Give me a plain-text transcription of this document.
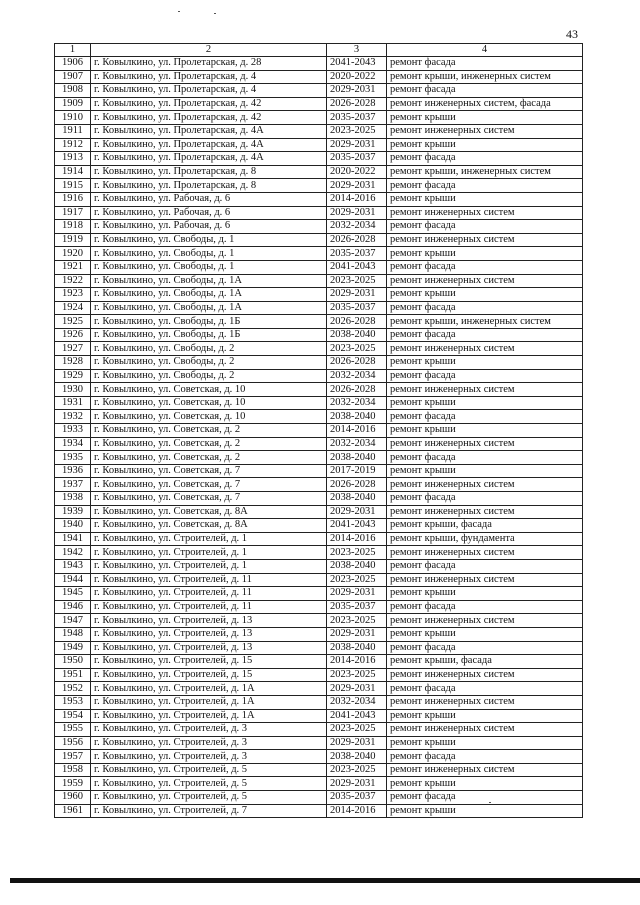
43
1	2	3	4
1906	г. Ковылкино, ул. Пролетарская, д. 28	2041-2043	ремонт фасада
1907	г. Ковылкино, ул. Пролетарская, д. 4	2020-2022	ремонт крыши, инженерных систем
1908	г. Ковылкино, ул. Пролетарская, д. 4	2029-2031	ремонт фасада
1909	г. Ковылкино, ул. Пролетарская, д. 42	2026-2028	ремонт инженерных систем, фасада
1910	г. Ковылкино, ул. Пролетарская, д. 42	2035-2037	ремонт крыши
1911	г. Ковылкино, ул. Пролетарская, д. 4А	2023-2025	ремонт инженерных систем
1912	г. Ковылкино, ул. Пролетарская, д. 4А	2029-2031	ремонт крыши
1913	г. Ковылкино, ул. Пролетарская, д. 4А	2035-2037	ремонт фасада
1914	г. Ковылкино, ул. Пролетарская, д. 8	2020-2022	ремонт крыши, инженерных систем
1915	г. Ковылкино, ул. Пролетарская, д. 8	2029-2031	ремонт фасада
1916	г. Ковылкино, ул. Рабочая, д. 6	2014-2016	ремонт крыши
1917	г. Ковылкино, ул. Рабочая, д. 6	2029-2031	ремонт инженерных систем
1918	г. Ковылкино, ул. Рабочая, д. 6	2032-2034	ремонт фасада
1919	г. Ковылкино, ул. Свободы, д. 1	2026-2028	ремонт инженерных систем
1920	г. Ковылкино, ул. Свободы, д. 1	2035-2037	ремонт крыши
1921	г. Ковылкино, ул. Свободы, д. 1	2041-2043	ремонт фасада
1922	г. Ковылкино, ул. Свободы, д. 1А	2023-2025	ремонт инженерных систем
1923	г. Ковылкино, ул. Свободы, д. 1А	2029-2031	ремонт крыши
1924	г. Ковылкино, ул. Свободы, д. 1А	2035-2037	ремонт фасада
1925	г. Ковылкино, ул. Свободы, д. 1Б	2026-2028	ремонт крыши, инженерных систем
1926	г. Ковылкино, ул. Свободы, д. 1Б	2038-2040	ремонт фасада
1927	г. Ковылкино, ул. Свободы, д. 2	2023-2025	ремонт инженерных систем
1928	г. Ковылкино, ул. Свободы, д. 2	2026-2028	ремонт крыши
1929	г. Ковылкино, ул. Свободы, д. 2	2032-2034	ремонт фасада
1930	г. Ковылкино, ул. Советская, д. 10	2026-2028	ремонт инженерных систем
1931	г. Ковылкино, ул. Советская, д. 10	2032-2034	ремонт крыши
1932	г. Ковылкино, ул. Советская, д. 10	2038-2040	ремонт фасада
1933	г. Ковылкино, ул. Советская, д. 2	2014-2016	ремонт крыши
1934	г. Ковылкино, ул. Советская, д. 2	2032-2034	ремонт инженерных систем
1935	г. Ковылкино, ул. Советская, д. 2	2038-2040	ремонт фасада
1936	г. Ковылкино, ул. Советская, д. 7	2017-2019	ремонт крыши
1937	г. Ковылкино, ул. Советская, д. 7	2026-2028	ремонт инженерных систем
1938	г. Ковылкино, ул. Советская, д. 7	2038-2040	ремонт фасада
1939	г. Ковылкино, ул. Советская, д. 8А	2029-2031	ремонт инженерных систем
1940	г. Ковылкино, ул. Советская, д. 8А	2041-2043	ремонт крыши, фасада
1941	г. Ковылкино, ул. Строителей, д. 1	2014-2016	ремонт крыши, фундамента
1942	г. Ковылкино, ул. Строителей, д. 1	2023-2025	ремонт инженерных систем
1943	г. Ковылкино, ул. Строителей, д. 1	2038-2040	ремонт фасада
1944	г. Ковылкино, ул. Строителей, д. 11	2023-2025	ремонт инженерных систем
1945	г. Ковылкино, ул. Строителей, д. 11	2029-2031	ремонт крыши
1946	г. Ковылкино, ул. Строителей, д. 11	2035-2037	ремонт фасада
1947	г. Ковылкино, ул. Строителей, д. 13	2023-2025	ремонт инженерных систем
1948	г. Ковылкино, ул. Строителей, д. 13	2029-2031	ремонт крыши
1949	г. Ковылкино, ул. Строителей, д. 13	2038-2040	ремонт фасада
1950	г. Ковылкино, ул. Строителей, д. 15	2014-2016	ремонт крыши, фасада
1951	г. Ковылкино, ул. Строителей, д. 15	2023-2025	ремонт инженерных систем
1952	г. Ковылкино, ул. Строителей, д. 1А	2029-2031	ремонт фасада
1953	г. Ковылкино, ул. Строителей, д. 1А	2032-2034	ремонт инженерных систем
1954	г. Ковылкино, ул. Строителей, д. 1А	2041-2043	ремонт крыши
1955	г. Ковылкино, ул. Строителей, д. 3	2023-2025	ремонт инженерных систем
1956	г. Ковылкино, ул. Строителей, д. 3	2029-2031	ремонт крыши
1957	г. Ковылкино, ул. Строителей, д. 3	2038-2040	ремонт фасада
1958	г. Ковылкино, ул. Строителей, д. 5	2023-2025	ремонт инженерных систем
1959	г. Ковылкино, ул. Строителей, д. 5	2029-2031	ремонт крыши
1960	г. Ковылкино, ул. Строителей, д. 5	2035-2037	ремонт фасада
1961	г. Ковылкино, ул. Строителей, д. 7	2014-2016	ремонт крыши
